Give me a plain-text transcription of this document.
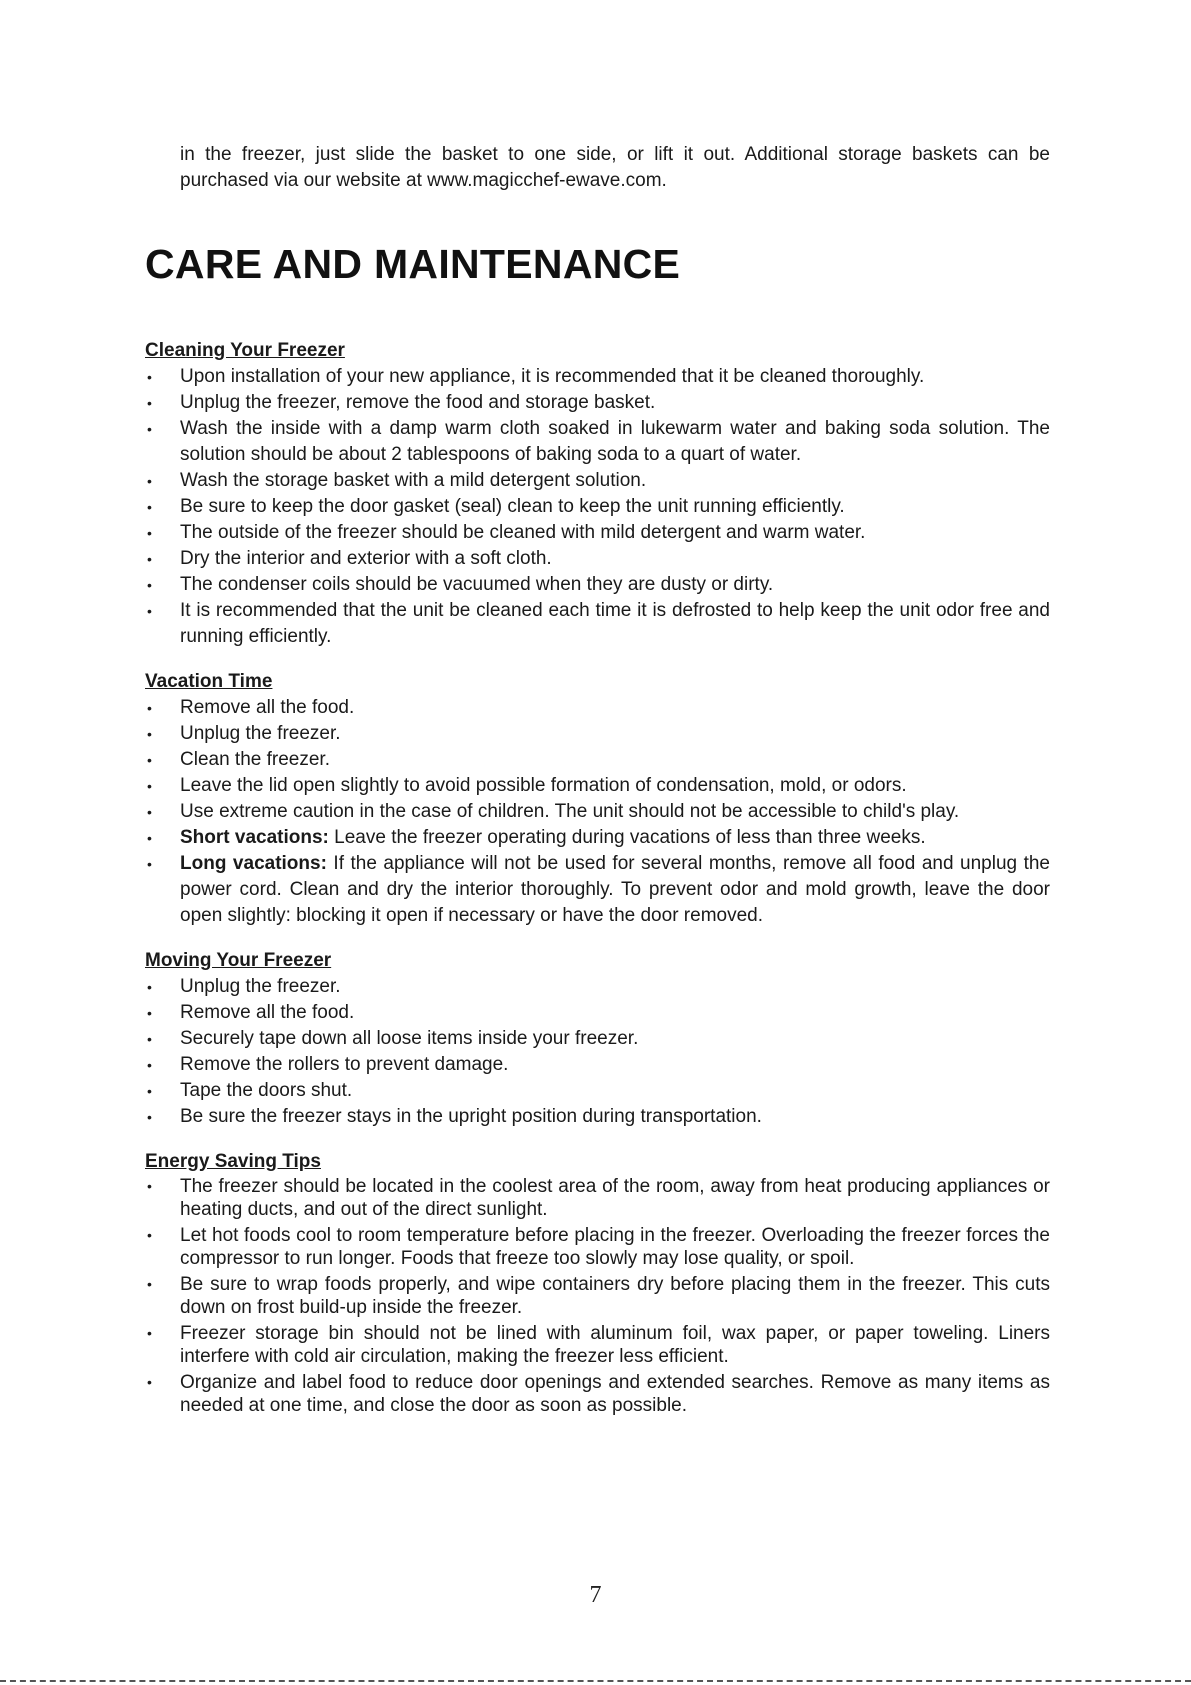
in the freezer, just slide the basket to one side, or lift it out. Additional storage baskets can be purchased via our website at www.magicchef-ewave.com.

CARE AND MAINTENANCE
Cleaning Your Freezer
• Upon installation of your new appliance, it is recommended that it be cleaned thoroughly.
• Unplug the freezer, remove the food and storage basket.
• Wash the inside with a damp warm cloth soaked in lukewarm water and baking soda solution. The solution should be about 2 tablespoons of baking soda to a quart of water.
• Wash the storage basket with a mild detergent solution.
• Be sure to keep the door gasket (seal) clean to keep the unit running efficiently.
• The outside of the freezer should be cleaned with mild detergent and warm water.
• Dry the interior and exterior with a soft cloth.
• The condenser coils should be vacuumed when they are dusty or dirty.
• It is recommended that the unit be cleaned each time it is defrosted to help keep the unit odor free and running efficiently.
Vacation Time
• Remove all the food.
• Unplug the freezer.
• Clean the freezer.
• Leave the lid open slightly to avoid possible formation of condensation, mold, or odors.
• Use extreme caution in the case of children. The unit should not be accessible to child's play.
• Short vacations: Leave the freezer operating during vacations of less than three weeks.
• Long vacations: If the appliance will not be used for several months, remove all food and unplug the power cord. Clean and dry the interior thoroughly. To prevent odor and mold growth, leave the door open slightly: blocking it open if necessary or have the door removed.
Moving Your Freezer
• Unplug the freezer.
• Remove all the food.
• Securely tape down all loose items inside your freezer.
• Remove the rollers to prevent damage.
• Tape the doors shut.
• Be sure the freezer stays in the upright position during transportation.
Energy Saving Tips
• The freezer should be located in the coolest area of the room, away from heat producing appliances or heating ducts, and out of the direct sunlight.
• Let hot foods cool to room temperature before placing in the freezer. Overloading the freezer forces the compressor to run longer. Foods that freeze too slowly may lose quality, or spoil.
• Be sure to wrap foods properly, and wipe containers dry before placing them in the freezer. This cuts down on frost build-up inside the freezer.
• Freezer storage bin should not be lined with aluminum foil, wax paper, or paper toweling. Liners interfere with cold air circulation, making the freezer less efficient.
• Organize and label food to reduce door openings and extended searches. Remove as many items as needed at one time, and close the door as soon as possible.
7
